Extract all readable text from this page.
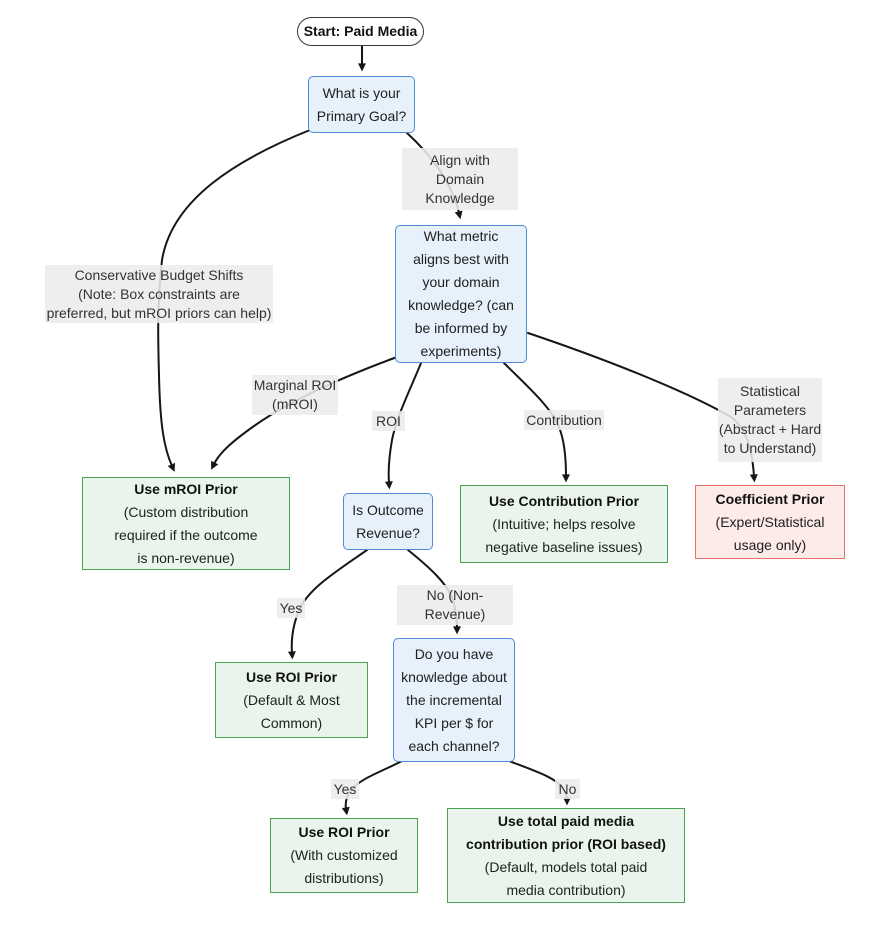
Conservative Budget Shifts
(Note: Box constraints are
preferred, but mROI priors can help)
Align with
Domain
Knowledge
Marginal ROI
(mROI)
ROI	Contribution
Statistical
Parameters
(Abstract + Hard
to Understand)
Yes
No (Non-
Revenue)
Yes	No
Start: Paid Media
What is your
Primary Goal?
What metric
aligns best with
your domain
knowledge? (can
be informed by
experiments)
Use mROI Prior
(Custom distribution
required if the outcome
is non-revenue)
Is Outcome
Revenue?
Use Contribution Prior
(Intuitive; helps resolve
negative baseline issues)
Coefficient Prior
(Expert/Statistical
usage only)
Use ROI Prior
(Default & Most
Common)
Do you have
knowledge about
the incremental
KPI per $ for
each channel?
Use ROI Prior
(With customized
distributions)
Use total paid media
contribution prior (ROI based)
(Default, models total paid
media contribution)
